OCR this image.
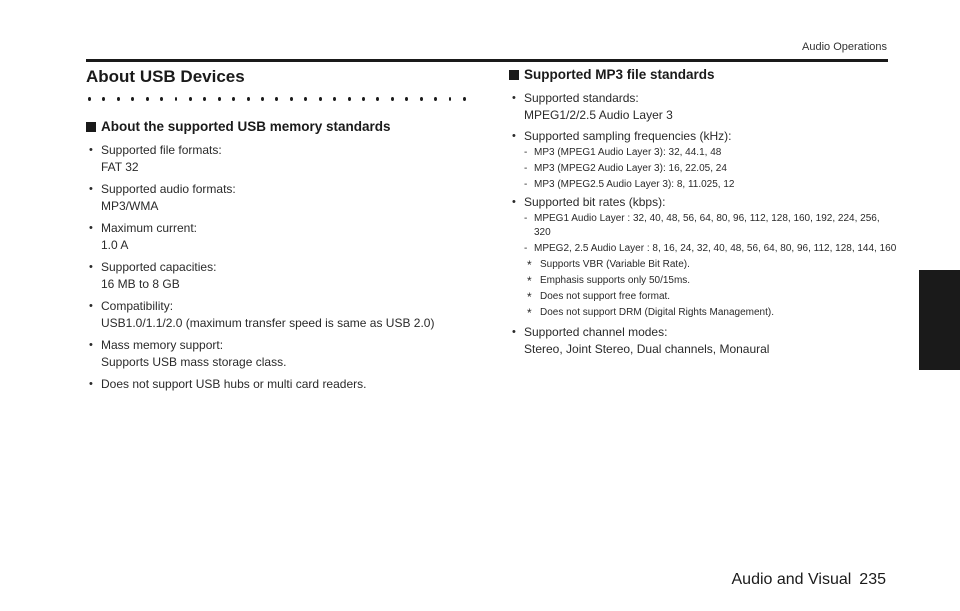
Audio Operations
About USB Devices
About the supported USB memory standards
• Supported file formats:
FAT 32
• Supported audio formats:
MP3/WMA
• Maximum current:
1.0 A
• Supported capacities:
16 MB to 8 GB
• Compatibility:
USB1.0/1.1/2.0 (maximum transfer speed is same as USB 2.0)
• Mass memory support:
Supports USB mass storage class.
• Does not support USB hubs or multi card readers.
Supported MP3 file standards
• Supported standards:
MPEG1/2/2.5 Audio Layer 3
• Supported sampling frequencies (kHz):
- MP3 (MPEG1 Audio Layer 3): 32, 44.1, 48
- MP3 (MPEG2 Audio Layer 3): 16, 22.05, 24
- MP3 (MPEG2.5 Audio Layer 3): 8, 11.025, 12
• Supported bit rates (kbps):
- MPEG1 Audio Layer : 32, 40, 48, 56, 64, 80, 96, 112, 128, 160, 192, 224, 256, 320
- MPEG2, 2.5 Audio Layer : 8, 16, 24, 32, 40, 48, 56, 64, 80, 96, 112, 128, 144, 160
* Supports VBR (Variable Bit Rate).
* Emphasis supports only 50/15ms.
* Does not support free format.
* Does not support DRM (Digital Rights Management).
• Supported channel modes:
Stereo, Joint Stereo, Dual channels, Monaural
Audio and Visual 235
